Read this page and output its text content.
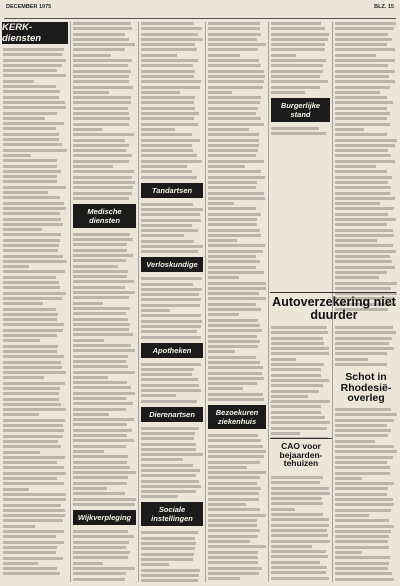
DECEMBER 1975	BLZ. 15
KERK-diensten
Medische diensten
Wijkverpleging
Tandartsen
Verloskundige
Apotheken
Dierenartsen
Sociale instellingen
Bezoekuren ziekenhuis
Burgerlijke stand
Autoverzekering niet duurder
Schot in Rhodesië-overleg
CAO voor bejaarden-tehuizen
